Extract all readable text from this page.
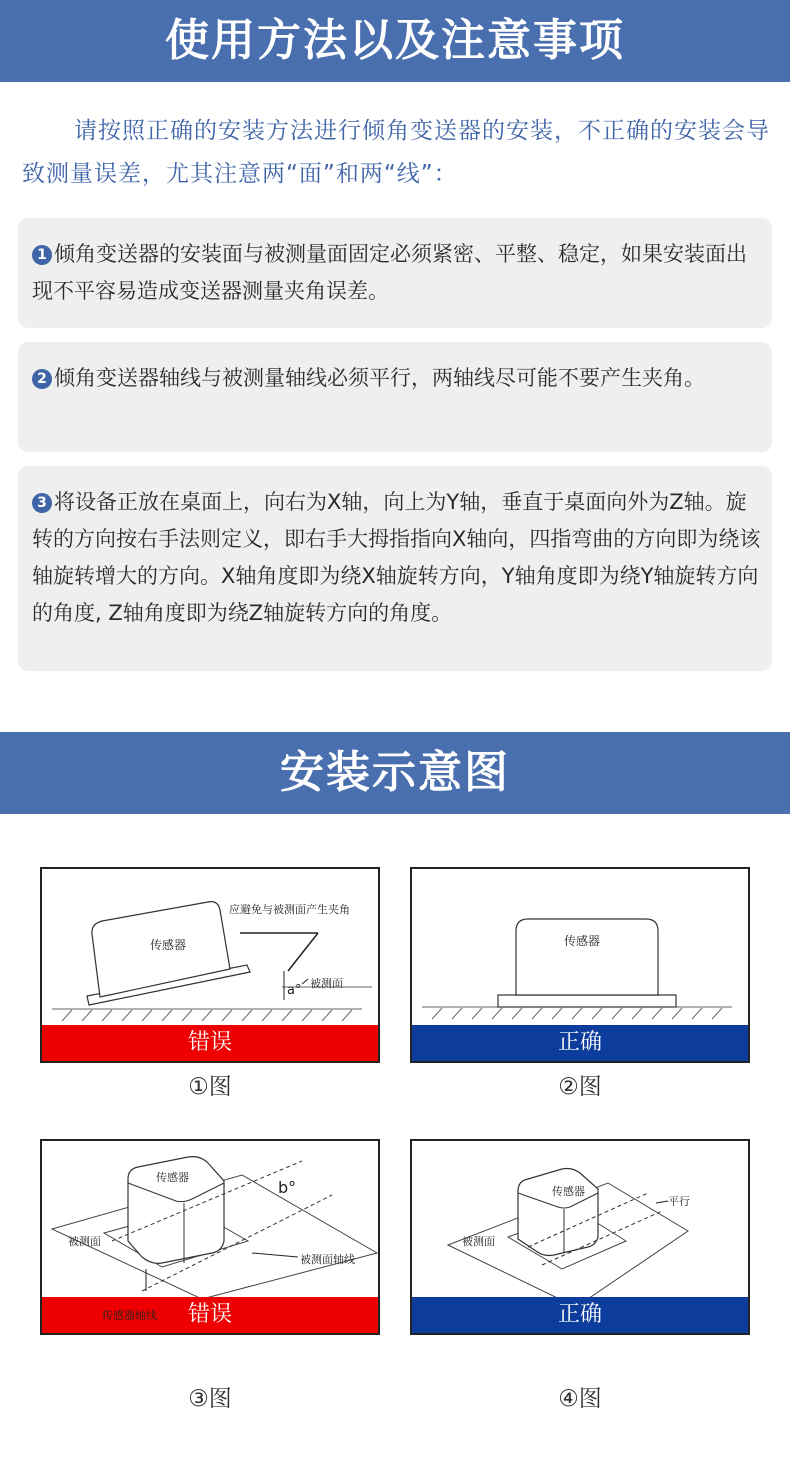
使用方法以及注意事项
请按照正确的安装方法进行倾角变送器的安装，不正确的安装会导致测量误差，尤其注意两“面”和两“线”：
1 倾角变送器的安装面与被测量面固定必须紧密、平整、稳定，如果安装面出现不平容易造成变送器测量夹角误差。
2 倾角变送器轴线与被测量轴线必须平行，两轴线尽可能不要产生夹角。
3 将设备正放在桌面上，向右为X轴，向上为Y轴，垂直于桌面向外为Z轴。旋转的方向按右手法则定义，即右手大拇指指向X轴向，四指弯曲的方向即为绕该轴旋转增大的方向。X轴角度即为绕X轴旋转方向，Y轴角度即为绕Y轴旋转方向的角度, Z轴角度即为绕Z轴旋转方向的角度。
安装示意图
传感器
应避免与被测面产生夹角
a° 被测面
错误
传感器
正确
传感器
b°
被测面
被测面轴线
错误
传感器轴线
传感器
平行
被测面
正确
①图	②图
③图	④图
